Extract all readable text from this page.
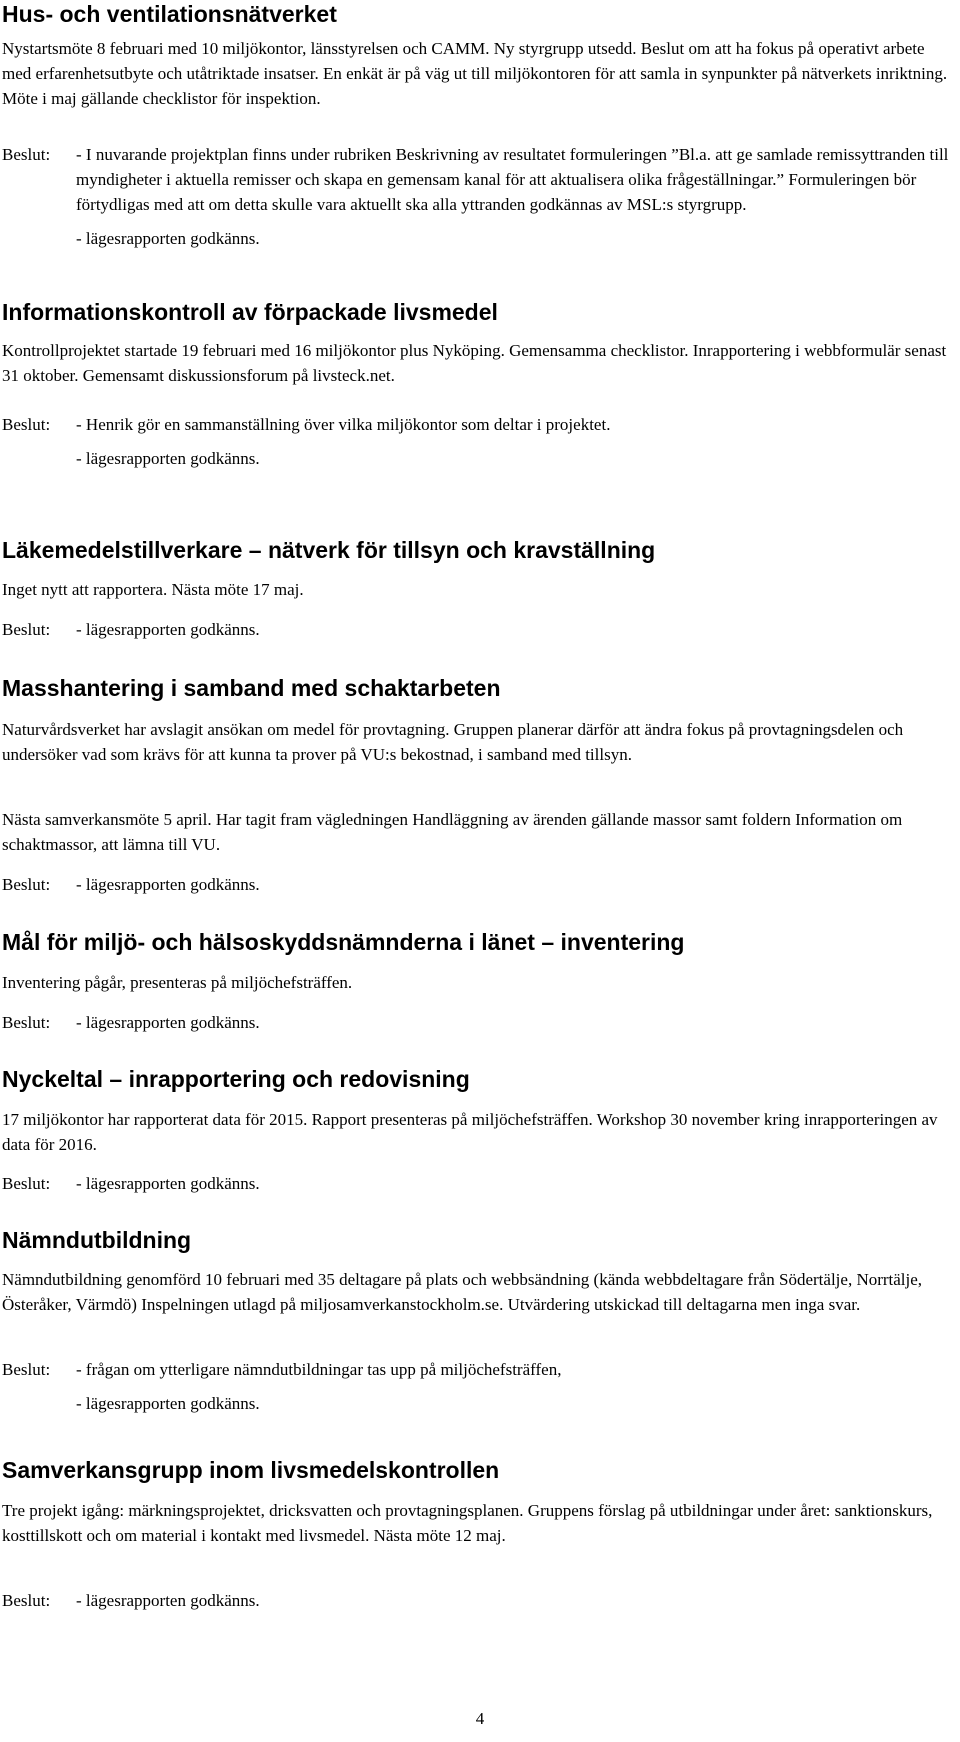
Hus- och ventilationsnätverket

Nystartsmöte 8 februari med 10 miljökontor, länsstyrelsen och CAMM. Ny styrgrupp utsedd. Beslut om att ha fokus på operativt arbete med erfarenhetsutbyte och utåtriktade insatser. En enkät är på väg ut till miljökontoren för att samla in synpunkter på nätverkets inriktning. Möte i maj gällande checklistor för inspektion.

Beslut: - I nuvarande projektplan finns under rubriken Beskrivning av resultatet formuleringen ”Bl.a. att ge samlade remissyttranden till myndigheter i aktuella remisser och skapa en gemensam kanal för att aktualisera olika frågeställningar.” Formuleringen bör förtydligas med att om detta skulle vara aktuellt ska alla yttranden godkännas av MSL:s styrgrupp.
- lägesrapporten godkänns.
Informationskontroll av förpackade livsmedel

Kontrollprojektet startade 19 februari med 16 miljökontor plus Nyköping. Gemensamma checklistor. Inrapportering i webbformulär senast 31 oktober. Gemensamt diskussionsforum på livsteck.net.

Beslut: - Henrik gör en sammanställning över vilka miljökontor som deltar i projektet.
- lägesrapporten godkänns.
Läkemedelstillverkare – nätverk för tillsyn och kravställning

Inget nytt att rapportera. Nästa möte 17 maj.

Beslut: - lägesrapporten godkänns.
Masshantering i samband med schaktarbeten

Naturvårdsverket har avslagit ansökan om medel för provtagning. Gruppen planerar därför att ändra fokus på provtagningsdelen och undersöker vad som krävs för att kunna ta prover på VU:s bekostnad, i samband med tillsyn.

Nästa samverkansmöte 5 april. Har tagit fram vägledningen Handläggning av ärenden gällande massor samt foldern Information om schaktmassor, att lämna till VU.

Beslut: - lägesrapporten godkänns.
Mål för miljö- och hälsoskyddsnämnderna i länet – inventering

Inventering pågår, presenteras på miljöchefsträffen.

Beslut: - lägesrapporten godkänns.
Nyckeltal – inrapportering och redovisning

17 miljökontor har rapporterat data för 2015. Rapport presenteras på miljöchefsträffen. Workshop 30 november kring inrapporteringen av data för 2016.

Beslut: - lägesrapporten godkänns.
Nämndutbildning

Nämndutbildning genomförd 10 februari med 35 deltagare på plats och webbsändning (kända webbdeltagare från Södertälje, Norrtälje, Österåker, Värmdö) Inspelningen utlagd på miljosamverkanstockholm.se. Utvärdering utskickad till deltagarna men inga svar.

Beslut: - frågan om ytterligare nämndutbildningar tas upp på miljöchefsträffen,
- lägesrapporten godkänns.
Samverkansgrupp inom livsmedelskontrollen

Tre projekt igång: märkningsprojektet, dricksvatten och provtagningsplanen. Gruppens förslag på utbildningar under året: sanktionskurs, kosttillskott och om material i kontakt med livsmedel. Nästa möte 12 maj.

Beslut: - lägesrapporten godkänns.
4
